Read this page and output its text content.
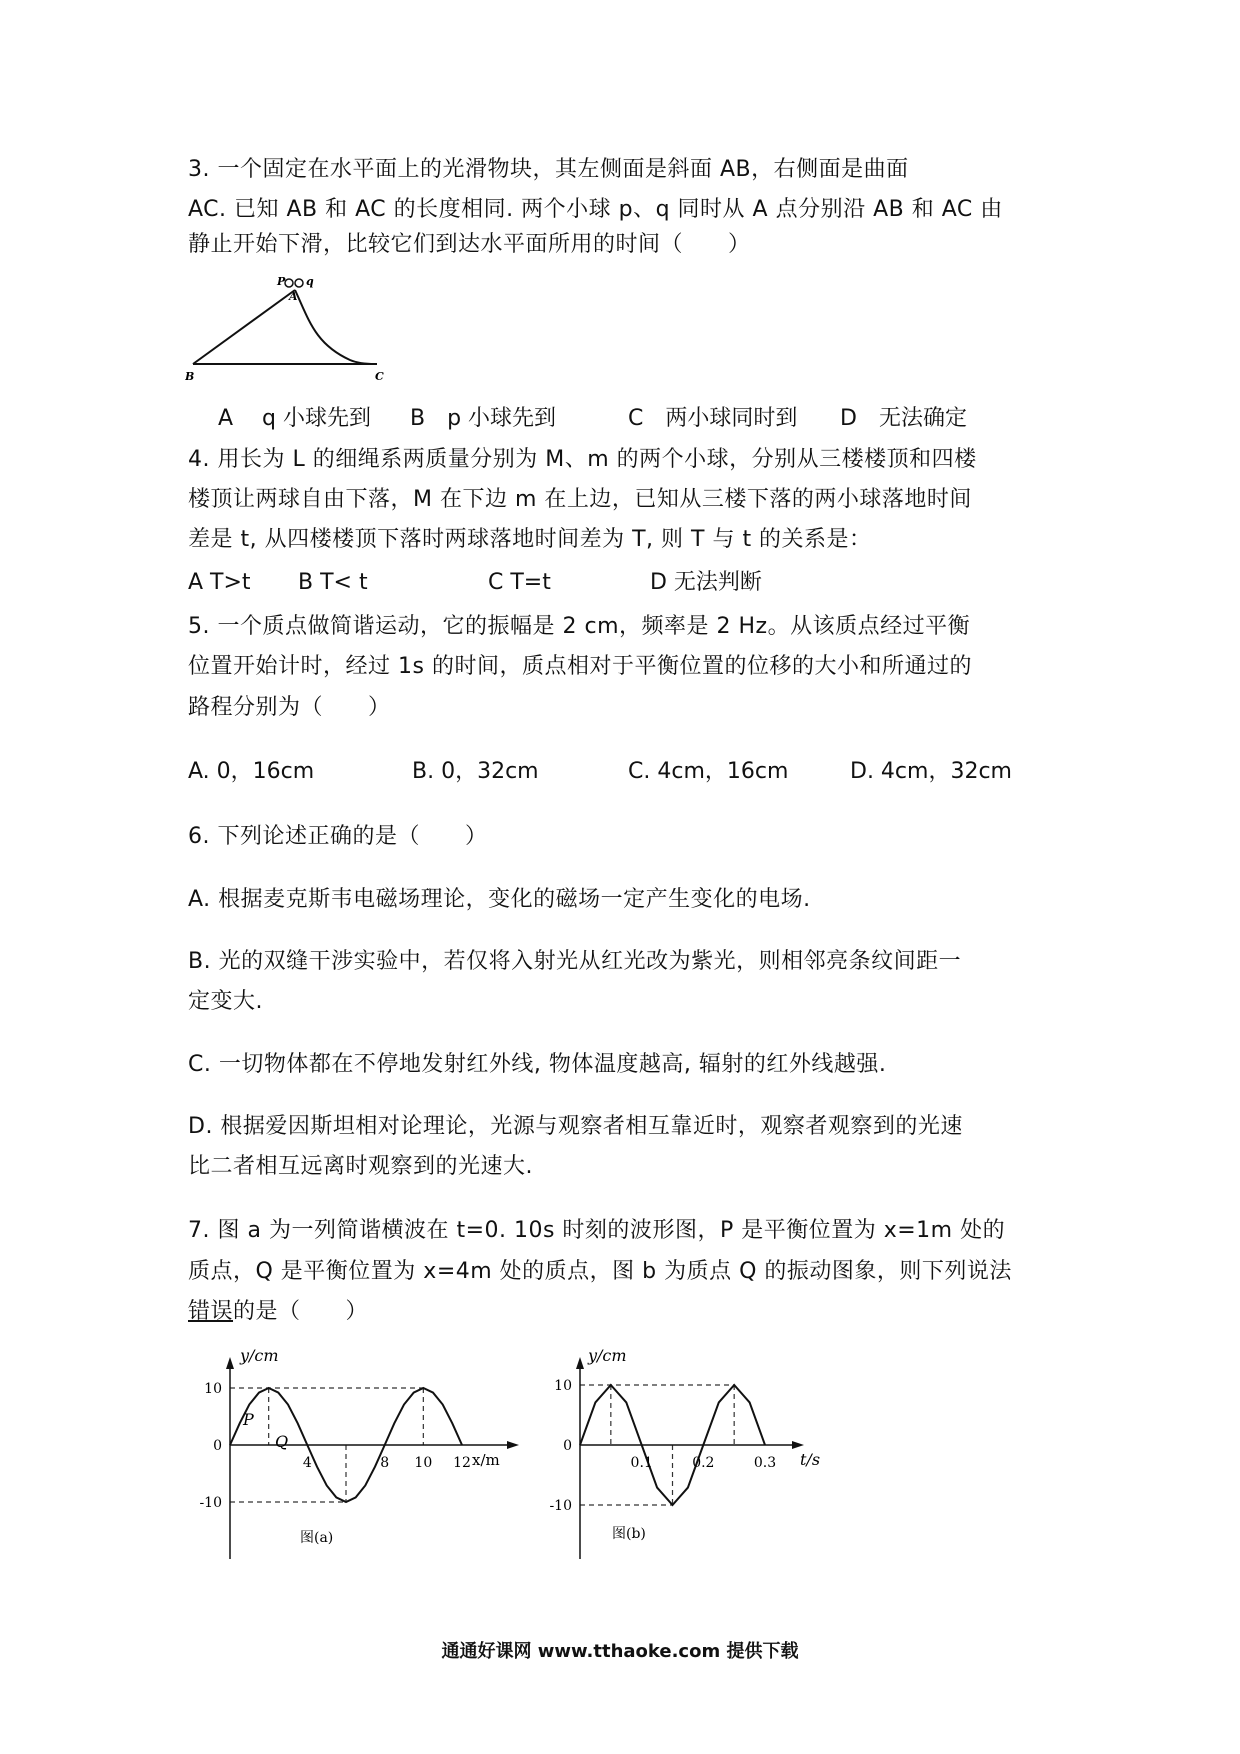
3. 一个固定在水平面上的光滑物块，其左侧面是斜面 AB，右侧面是曲面
AC. 已知 AB 和 AC 的长度相同. 两个小球 p、q 同时从 A 点分别沿 AB 和 AC 由
静止开始下滑，比较它们到达水平面所用的时间（　　）
P q
A
B	C
A　 q 小球先到 B　p 小球先到	C　两小球同时到 D　无法确定
4. 用长为 L 的细绳系两质量分别为 M、m 的两个小球，分别从三楼楼顶和四楼
楼顶让两球自由下落，M 在下边 m 在上边，已知从三楼下落的两小球落地时间
差是 t, 从四楼楼顶下落时两球落地时间差为 T, 则 T 与 t 的关系是：
A T>t B T< t	C T=t	D 无法判断
5. 一个质点做简谐运动，它的振幅是 2 cm，频率是 2 Hz。从该质点经过平衡
位置开始计时，经过 1s 的时间，质点相对于平衡位置的位移的大小和所通过的
路程分别为（　　）
A. 0，16cm	B. 0，32cm	C. 4cm，16cm	D. 4cm，32cm
6. 下列论述正确的是（　　）
A. 根据麦克斯韦电磁场理论，变化的磁场一定产生变化的电场.
B. 光的双缝干涉实验中，若仅将入射光从红光改为紫光，则相邻亮条纹间距一
定变大.
C. 一切物体都在不停地发射红外线, 物体温度越高, 辐射的红外线越强.
D. 根据爱因斯坦相对论理论，光源与观察者相互靠近时，观察者观察到的光速
比二者相互远离时观察到的光速大.
7. 图 a 为一列简谐横波在 t=0. 10s 时刻的波形图，P 是平衡位置为 x=1m 处的
质点，Q 是平衡位置为 x=4m 处的质点，图 b 为质点 Q 的振动图象，则下列说法
错误的是（　　）
10
0
-10
4	8 10 12
y/cm
x/m
P
Q
图(a)
10
0
-10
0.1	0.2	0.3
y/cm
t/s
图(b)
通通好课网 www.tthaoke.com 提供下载
